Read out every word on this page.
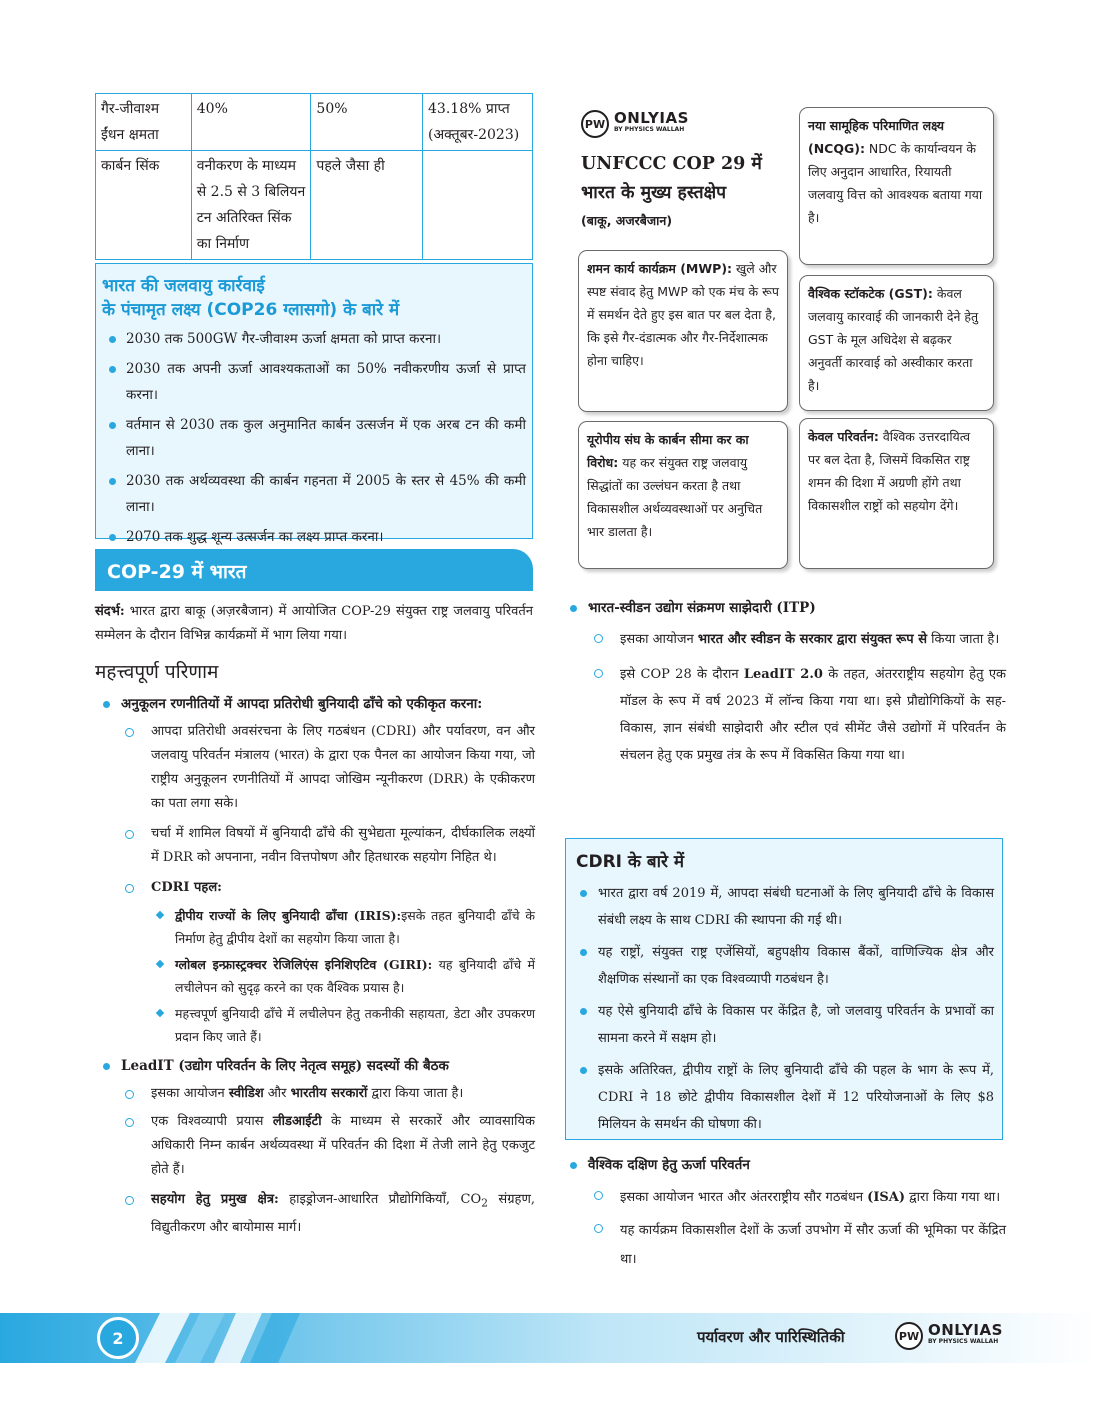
गैर-जीवाश्म ईंधन क्षमता	40%	50%	43.18% प्राप्त (अक्तूबर-2023)
कार्बन सिंक	वनीकरण के माध्यम से 2.5 से 3 बिलियन टन अतिरिक्त सिंक का निर्माण	पहले जैसा ही	
भारत की जलवायु कार्रवाई
के पंचामृत लक्ष्य (COP26 ग्लासगो) के बारे में
2030 तक 500GW गैर-जीवाश्म ऊर्जा क्षमता को प्राप्त करना।
2030 तक अपनी ऊर्जा आवश्यकताओं का 50% नवीकरणीय ऊर्जा से प्राप्त करना।
वर्तमान से 2030 तक कुल अनुमानित कार्बन उत्सर्जन में एक अरब टन की कमी लाना।
2030 तक अर्थव्यवस्था की कार्बन गहनता में 2005 के स्तर से 45% की कमी लाना।
2070 तक शुद्ध शून्य उत्सर्जन का लक्ष्य प्राप्त करना।
COP-29 में भारत
संदर्भ: भारत द्वारा बाकू (अज़रबैजान) में आयोजित COP-29 संयुक्त राष्ट्र जलवायु परिवर्तन सम्मेलन के दौरान विभिन्न कार्यक्रमों में भाग लिया गया।
महत्त्वपूर्ण परिणाम
अनुकूलन रणनीतियों में आपदा प्रतिरोधी बुनियादी ढाँचे को एकीकृत करना:
आपदा प्रतिरोधी अवसंरचना के लिए गठबंधन (CDRI) और पर्यावरण, वन और जलवायु परिवर्तन मंत्रालय (भारत) के द्वारा एक पैनल का आयोजन किया गया, जो राष्ट्रीय अनुकूलन रणनीतियों में आपदा जोखिम न्यूनीकरण (DRR) के एकीकरण का पता लगा सके।
चर्चा में शामिल विषयों में बुनियादी ढाँचे की सुभेद्यता मूल्यांकन, दीर्घकालिक लक्ष्यों में DRR को अपनाना, नवीन वित्तपोषण और हितधारक सहयोग निहित थे।
CDRI पहल:
द्वीपीय राज्यों के लिए बुनियादी ढाँचा (IRIS):इसके तहत बुनियादी ढाँचे के निर्माण हेतु द्वीपीय देशों का सहयोग किया जाता है।
ग्लोबल इन्फ्रास्ट्रक्चर रेजिलिएंस इनिशिएटिव (GIRI): यह बुनियादी ढाँचे में लचीलेपन को सुदृढ़ करने का एक वैश्विक प्रयास है।
महत्त्वपूर्ण बुनियादी ढाँचे में लचीलेपन हेतु तकनीकी सहायता, डेटा और उपकरण प्रदान किए जाते हैं।
LeadIT (उद्योग परिवर्तन के लिए नेतृत्व समूह) सदस्यों की बैठक
इसका आयोजन स्वीडिश और भारतीय सरकारों द्वारा किया जाता है।
एक विश्वव्यापी प्रयास लीडआईटी के माध्यम से सरकारें और व्यावसायिक अधिकारी निम्न कार्बन अर्थव्यवस्था में परिवर्तन की दिशा में तेजी लाने हेतु एकजुट होते हैं।
सहयोग हेतु प्रमुख क्षेत्र: हाइड्रोजन-आधारित प्रौद्योगिकियाँ, $CO_2$ संग्रहण, विद्युतीकरण और बायोमास मार्ग।
PW ONLYIAS
BY PHYSICS WALLAH
UNFCCC COP 29 में
भारत के मुख्य हस्तक्षेप
(बाकू, अजरबैजान)
नया सामूहिक परिमाणित लक्ष्य (NCQG): NDC के कार्यान्वयन के लिए अनुदान आधारित, रियायती जलवायु वित्त को आवश्यक बताया गया है।
शमन कार्य कार्यक्रम (MWP): खुले और स्पष्ट संवाद हेतु MWP को एक मंच के रूप में समर्थन देते हुए इस बात पर बल देता है, कि इसे गैर-दंडात्मक और गैर-निर्देशात्मक होना चाहिए।
वैश्विक स्टॉकटेक (GST): केवल जलवायु कारवाई की जानकारी देने हेतु GST के मूल अधिदेश से बढ़कर अनुवर्ती कारवाई को अस्वीकार करता है।
यूरोपीय संघ के कार्बन सीमा कर का विरोध: यह कर संयुक्त राष्ट्र जलवायु सिद्धांतों का उल्लंघन करता है तथा विकासशील अर्थव्यवस्थाओं पर अनुचित भार डालता है।
केवल परिवर्तन: वैश्विक उत्तरदायित्व पर बल देता है, जिसमें विकसित राष्ट्र शमन की दिशा में अग्रणी होंगे तथा विकासशील राष्ट्रों को सहयोग देंगे।
भारत-स्वीडन उद्योग संक्रमण साझेदारी (ITP)
इसका आयोजन भारत और स्वीडन के सरकार द्वारा संयुक्त रूप से किया जाता है।
इसे COP 28 के दौरान LeadIT 2.0 के तहत, अंतरराष्ट्रीय सहयोग हेतु एक मॉडल के रूप में वर्ष 2023 में लॉन्च किया गया था। इसे प्रौद्योगिकियों के सह-विकास, ज्ञान संबंधी साझेदारी और स्टील एवं सीमेंट जैसे उद्योगों में परिवर्तन के संचलन हेतु एक प्रमुख तंत्र के रूप में विकसित किया गया था।
CDRI के बारे में
भारत द्वारा वर्ष 2019 में, आपदा संबंधी घटनाओं के लिए बुनियादी ढाँचे के विकास संबंधी लक्ष्य के साथ CDRI की स्थापना की गई थी।
यह राष्ट्रों, संयुक्त राष्ट्र एजेंसियों, बहुपक्षीय विकास बैंकों, वाणिज्यिक क्षेत्र और शैक्षणिक संस्थानों का एक विश्वव्यापी गठबंधन है।
यह ऐसे बुनियादी ढाँचे के विकास पर केंद्रित है, जो जलवायु परिवर्तन के प्रभावों का सामना करने में सक्षम हो।
इसके अतिरिक्त, द्वीपीय राष्ट्रों के लिए बुनियादी ढाँचे की पहल के भाग के रूप में, CDRI ने 18 छोटे द्वीपीय विकासशील देशों में 12 परियोजनाओं के लिए $8 मिलियन के समर्थन की घोषणा की।
वैश्विक दक्षिण हेतु ऊर्जा परिवर्तन
इसका आयोजन भारत और अंतरराष्ट्रीय सौर गठबंधन (ISA) द्वारा किया गया था।
यह कार्यक्रम विकासशील देशों के ऊर्जा उपभोग में सौर ऊर्जा की भूमिका पर केंद्रित था।
2	पर्यावरण और पारिस्थितिकी	PW ONLYIAS
BY PHYSICS WALLAH
